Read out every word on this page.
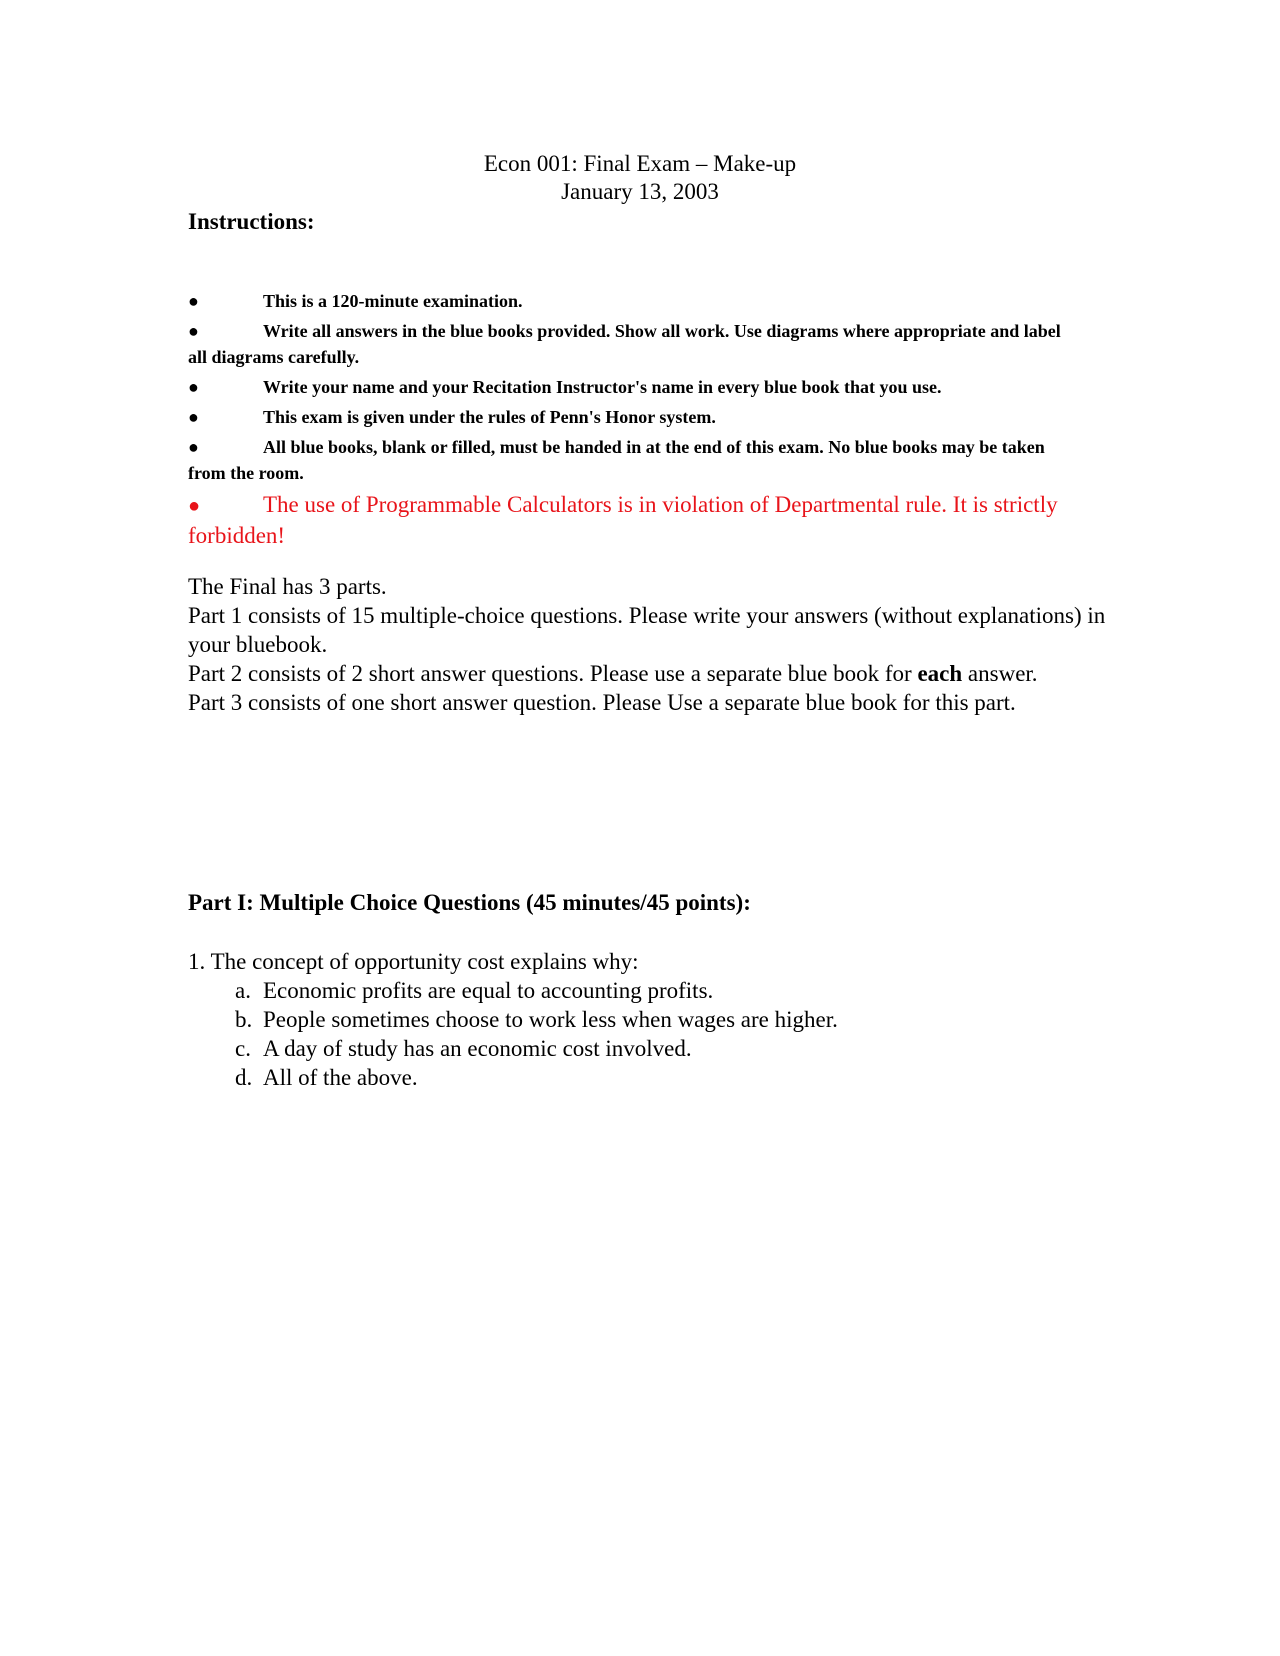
Econ 001: Final Exam – Make-up
January 13, 2003
Instructions:
●	This is a 120-minute examination.
●	Write all answers in the blue books provided. Show all work. Use diagrams where appropriate and label all diagrams carefully.
●	Write your name and your Recitation Instructor's name in every blue book that you use.
●	This exam is given under the rules of Penn's Honor system.
●	All blue books, blank or filled, must be handed in at the end of this exam. No blue books may be taken from the room.
●	The use of Programmable Calculators is in violation of Departmental rule. It is strictly forbidden!

The Final has 3 parts.

Part 1 consists of 15 multiple-choice questions. Please write your answers (without explanations) in your bluebook.

Part 2 consists of 2 short answer questions. Please use a separate blue book for each answer.

Part 3 consists of one short answer question. Please Use a separate blue book for this part.

Part I: Multiple Choice Questions (45 minutes/45 points):

1. The concept of opportunity cost explains why:

a. Economic profits are equal to accounting profits.
b. People sometimes choose to work less when wages are higher.
c. A day of study has an economic cost involved.
d. All of the above.
